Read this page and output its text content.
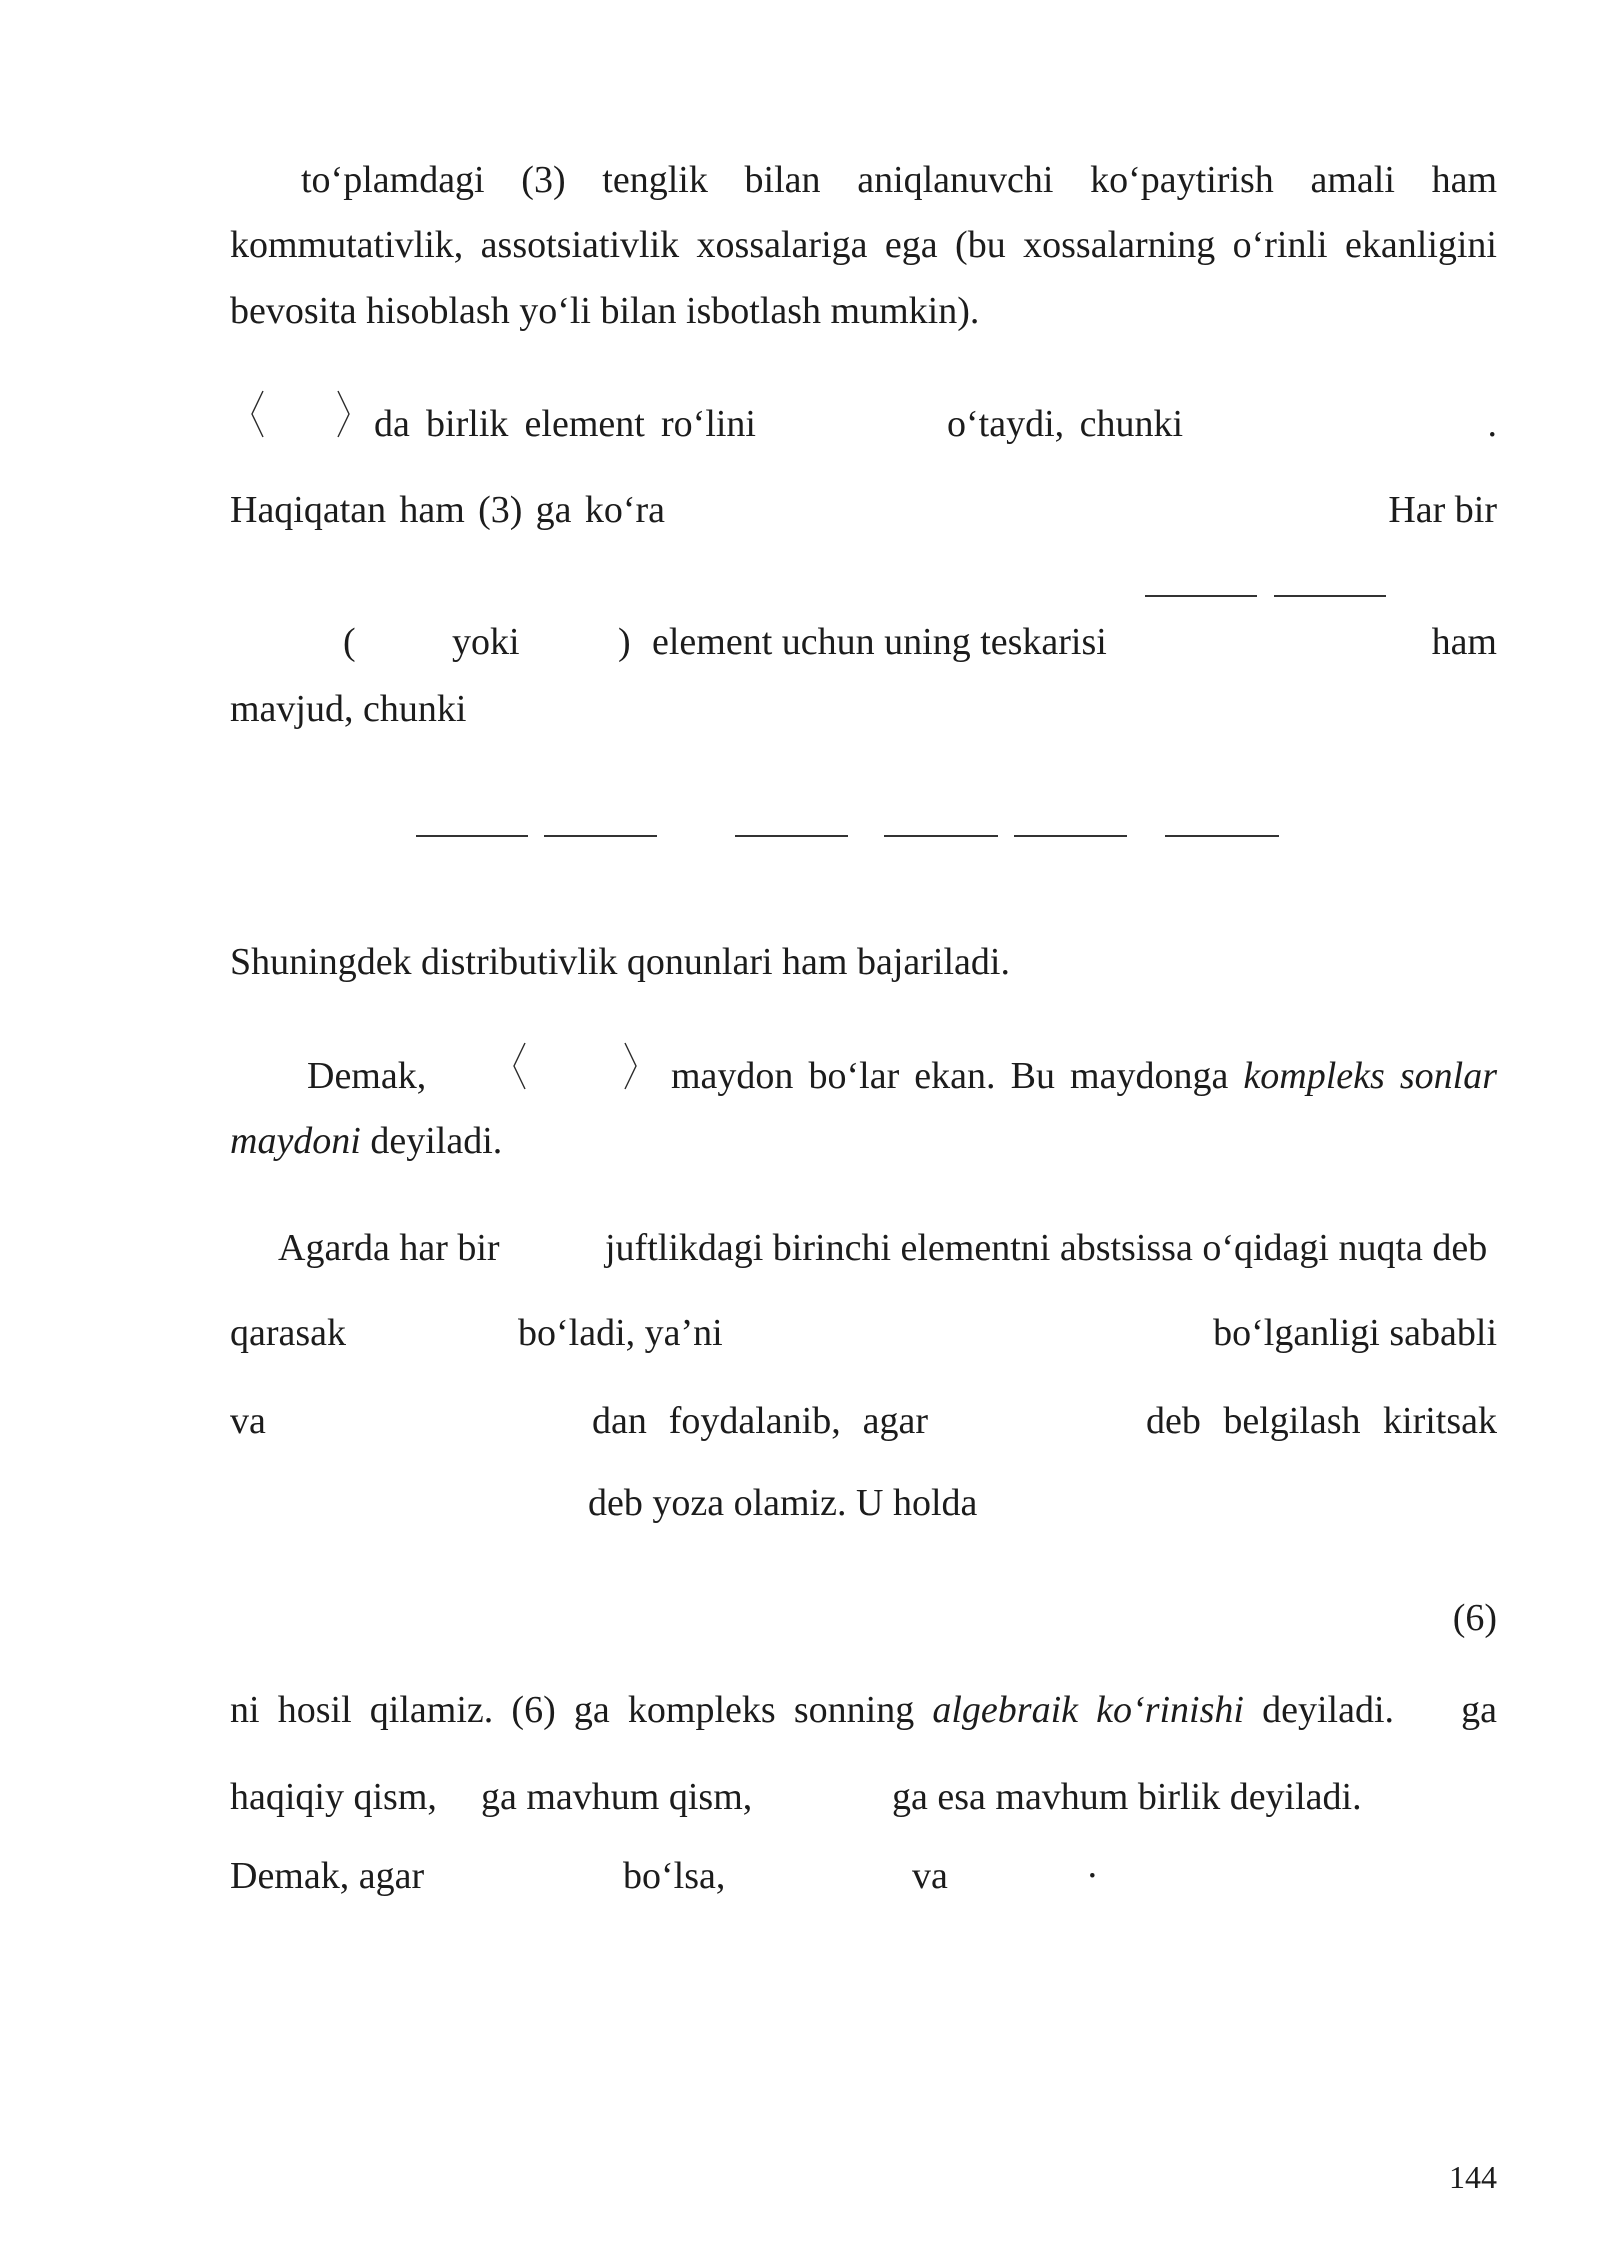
to‘plamdagi (3) tenglik bilan aniqlanuvchi ko‘paytirish amali ham
kommutativlik, assotsiativlik xossalariga ega (bu xossalarning o‘rinli ekanligini
bevosita hisoblash yo‘li bilan isbotlash mumkin).
da birlik element ro‘lini	o‘taydi, chunki	.
Haqiqatan ham (3) ga ko‘ra	Har bir
(	yoki	) element uchun uning teskarisi	ham
mavjud, chunki
Shuningdek distributivlik qonunlari ham bajariladi.
Demak,	maydon bo‘lar ekan. Bu maydonga kompleks sonlar
maydoni deyiladi.
Agarda har bir	juftlikdagi birinchi elementni abstsissa o‘qidagi nuqta deb
qarasak	bo‘ladi, ya’ni	bo‘lganligi sababli
va	dan foydalanib, agar	deb belgilash kiritsak
deb yoza olamiz. U holda
(6)
ni hosil qilamiz. (6) ga kompleks sonning algebraik ko‘rinishi deyiladi. ga
haqiqiy qism, ga mavhum qism,	ga esa mavhum birlik deyiladi.
Demak, agar	bo‘lsa,	va	·
144
